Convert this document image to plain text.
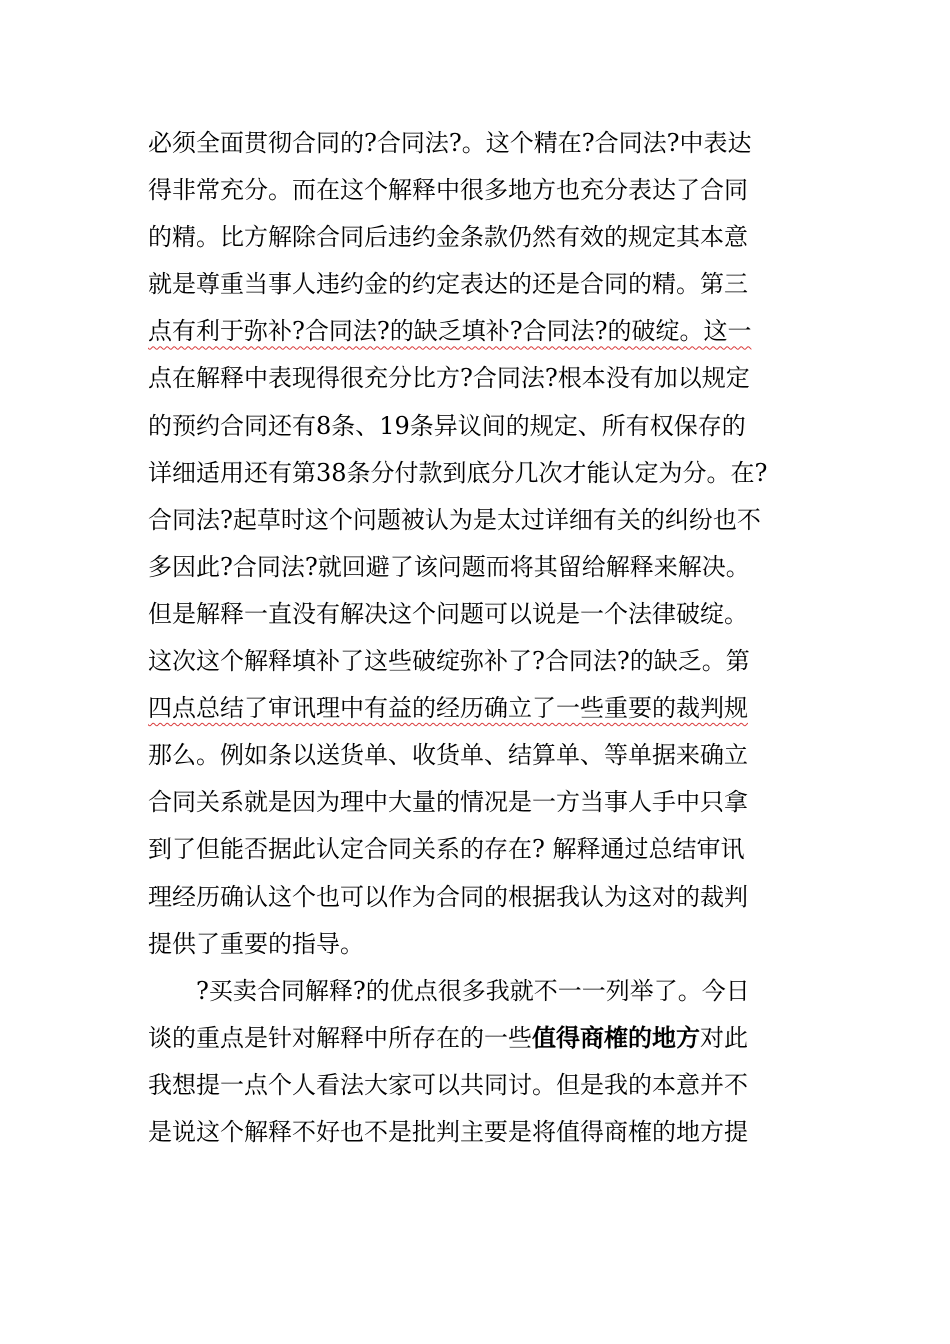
必须全面贯彻合同的?合同法?。这个精在?合同法?中表达
得非常充分。而在这个解释中很多地方也充分表达了合同
的精。比方解除合同后违约金条款仍然有效的规定其本意
就是尊重当事人违约金的约定表达的还是合同的精。第三
点有利于弥补?合同法?的缺乏填补?合同法?的破绽。这一
点在解释中表现得很充分比方?合同法?根本没有加以规定
的预约合同还有8条、19条异议间的规定、所有权保存的
详细适用还有第38条分付款到底分几次才能认定为分。在?
合同法?起草时这个问题被认为是太过详细有关的纠纷也不
多因此?合同法?就回避了该问题而将其留给解释来解决。
但是解释一直没有解决这个问题可以说是一个法律破绽。
这次这个解释填补了这些破绽弥补了?合同法?的缺乏。第
四点总结了审讯理中有益的经历确立了一些重要的裁判规
那么。例如条以送货单、收货单、结算单、等单据来确立
合同关系就是因为理中大量的情况是一方当事人手中只拿
到了但能否据此认定合同关系的存在? 解释通过总结审讯
理经历确认这个也可以作为合同的根据我认为这对的裁判
提供了重要的指导。
?买卖合同解释?的优点很多我就不一一列举了。今日
谈的重点是针对解释中所存在的一些值得商榷的地方对此
我想提一点个人看法大家可以共同讨。但是我的本意并不
是说这个解释不好也不是批判主要是将值得商榷的地方提
